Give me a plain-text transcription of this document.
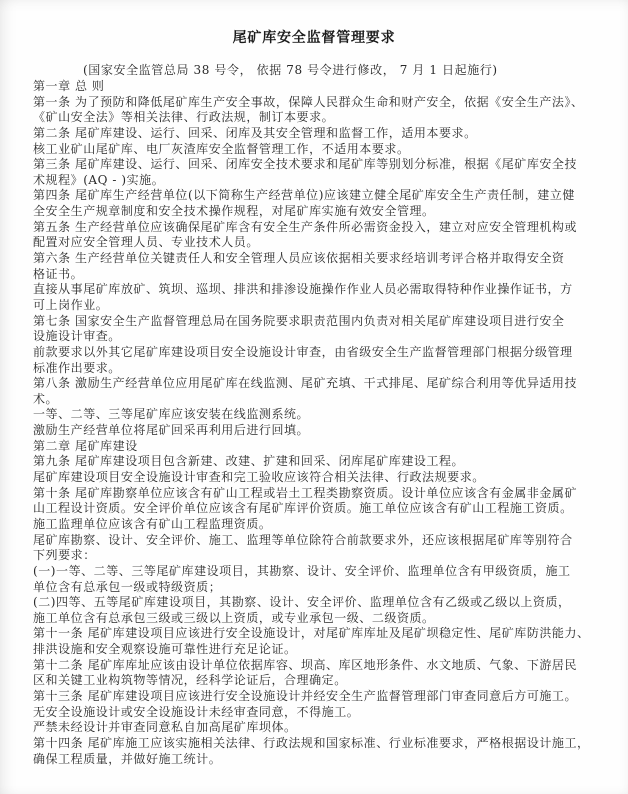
尾矿库安全监督管理要求
(国家安全监管总局 38 号令， 依据 78 号令进行修改， 7 月 1 日起施行)
第一章 总 则
第一条 为了预防和降低尾矿库生产安全事故，保障人民群众生命和财产安全，依据《安全生产法》、
《矿山安全法》等相关法律、行政法规，制订本要求。
第二条 尾矿库建设、运行、回采、闭库及其安全管理和监督工作，适用本要求。
核工业矿山尾矿库、电厂灰渣库安全监督管理工作，不适用本要求。
第三条 尾矿库建设、运行、回采、闭库安全技术要求和尾矿库等别划分标准，根据《尾矿库安全技
术规程》(AQ - )实施。
第四条 尾矿库生产经营单位(以下简称生产经营单位)应该建立健全尾矿库安全生产责任制，建立健
全安全生产规章制度和安全技术操作规程，对尾矿库实施有效安全管理。
第五条 生产经营单位应该确保尾矿库含有安全生产条件所必需资金投入，建立对应安全管理机构或
配置对应安全管理人员、专业技术人员。
第六条 生产经营单位关键责任人和安全管理人员应该依据相关要求经培训考评合格并取得安全资
格证书。
直接从事尾矿库放矿、筑坝、巡坝、排洪和排渗设施操作作业人员必需取得特种作业操作证书，方
可上岗作业。
第七条 国家安全生产监督管理总局在国务院要求职责范围内负责对相关尾矿库建设项目进行安全
设施设计审查。
前款要求以外其它尾矿库建设项目安全设施设计审查，由省级安全生产监督管理部门根据分级管理
标准作出要求。
第八条 激励生产经营单位应用尾矿库在线监测、尾矿充填、干式排尾、尾矿综合利用等优异适用技
术。
一等、二等、三等尾矿库应该安装在线监测系统。
激励生产经营单位将尾矿回采再利用后进行回填。
第二章 尾矿库建设
第九条 尾矿库建设项目包含新建、改建、扩建和回采、闭库尾矿库建设工程。
尾矿库建设项目安全设施设计审查和完工验收应该符合相关法律、行政法规要求。
第十条 尾矿库勘察单位应该含有矿山工程或岩土工程类勘察资质。设计单位应该含有金属非金属矿
山工程设计资质。安全评价单位应该含有尾矿库评价资质。施工单位应该含有矿山工程施工资质。
施工监理单位应该含有矿山工程监理资质。
尾矿库勘察、设计、安全评价、施工、监理等单位除符合前款要求外，还应该根据尾矿库等别符合
下列要求：
(一)一等、二等、三等尾矿库建设项目，其勘察、设计、安全评价、监理单位含有甲级资质，施工
单位含有总承包一级或特级资质；
(二)四等、五等尾矿库建设项目，其勘察、设计、安全评价、监理单位含有乙级或乙级以上资质，
施工单位含有总承包三级或三级以上资质，或专业承包一级、二级资质。
第十一条 尾矿库建设项目应该进行安全设施设计，对尾矿库库址及尾矿坝稳定性、尾矿库防洪能力、
排洪设施和安全观察设施可靠性进行充足论证。
第十二条 尾矿库库址应该由设计单位依据库容、坝高、库区地形条件、水文地质、气象、下游居民
区和关键工业构筑物等情况，经科学论证后，合理确定。
第十三条 尾矿库建设项目应该进行安全设施设计并经安全生产监督管理部门审查同意后方可施工。
无安全设施设计或安全设施设计未经审查同意，不得施工。
严禁未经设计并审查同意私自加高尾矿库坝体。
第十四条 尾矿库施工应该实施相关法律、行政法规和国家标准、行业标准要求，严格根据设计施工，
确保工程质量，并做好施工统计。
